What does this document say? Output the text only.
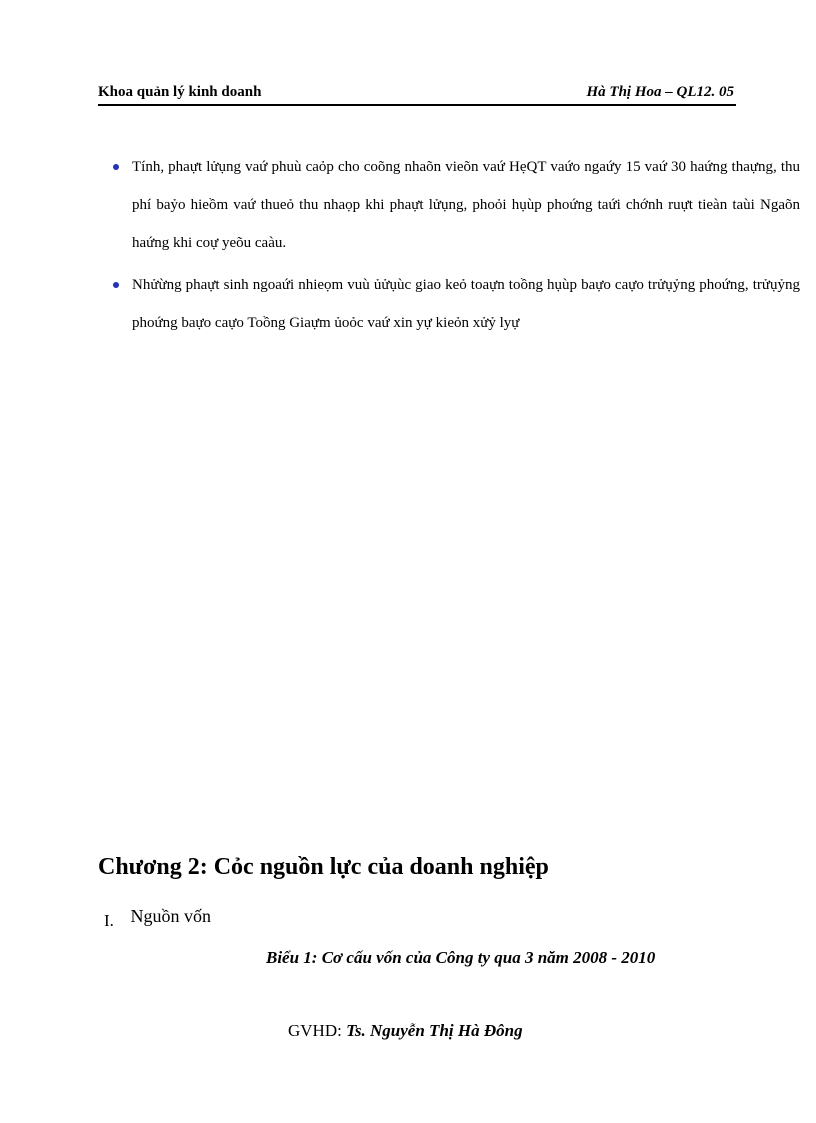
Khoa quản lý kinh doanh	Hà Thị Hoa – QL12. 05
Tính, phaựt lửụng vaứ phuù caỏp cho coõng nhaõn vieõn vaứ HẹQT vaứo ngaứy 15 vaứ 30 haứng thaựng, thu phí baỷo hieồm vaứ thueỏ thu nhaọp khi phaựt lửụng, phoỏi hụùp phoứng taứi chớnh ruựt tieàn taùi Ngaõn haứng khi coự yeõu caàu.
Nhửừng phaựt sinh ngoaứi nhieọm vuù ủửụùc giao keỏ toaựn toồng hụùp baựo caựo trửụỷng phoứng, trửụỷng phoứng baựo caựo Toồng Giaựm ủoỏc vaứ xin yự kieỏn xửỷ lyự
Chương 2: Cỏc nguồn lực của doanh nghiệp
I. Nguồn vốn
Biểu 1: Cơ cấu vốn của Công ty qua 3 năm 2008 - 2010
GVHD: Ts. Nguyễn Thị Hà Đông
